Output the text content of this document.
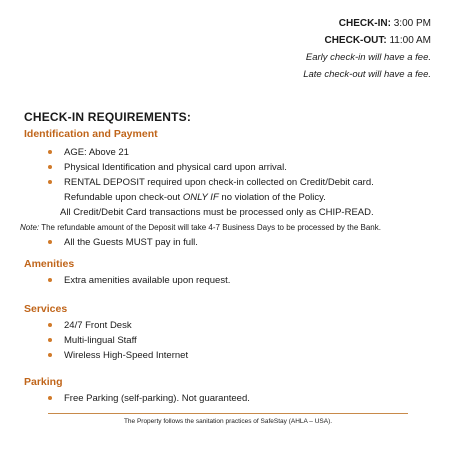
CHECK-IN: 3:00 PM
CHECK-OUT: 11:00 AM
Early check-in will have a fee.
Late check-out will have a fee.
CHECK-IN REQUIREMENTS:
Identification and Payment
AGE: Above 21
Physical Identification and physical card upon arrival.
RENTAL DEPOSIT required upon check-in collected on Credit/Debit card.
Refundable upon check-out ONLY IF no violation of the Policy.
All Credit/Debit Card transactions must be processed only as CHIP-READ.
Note: The refundable amount of the Deposit will take 4-7 Business Days to be processed by the Bank.
All the Guests MUST pay in full.
Amenities
Extra amenities available upon request.
Services
24/7 Front Desk
Multi-lingual Staff
Wireless High-Speed Internet
Parking
Free Parking (self-parking). Not guaranteed.
The Property follows the sanitation practices of SafeStay (AHLA – USA).
